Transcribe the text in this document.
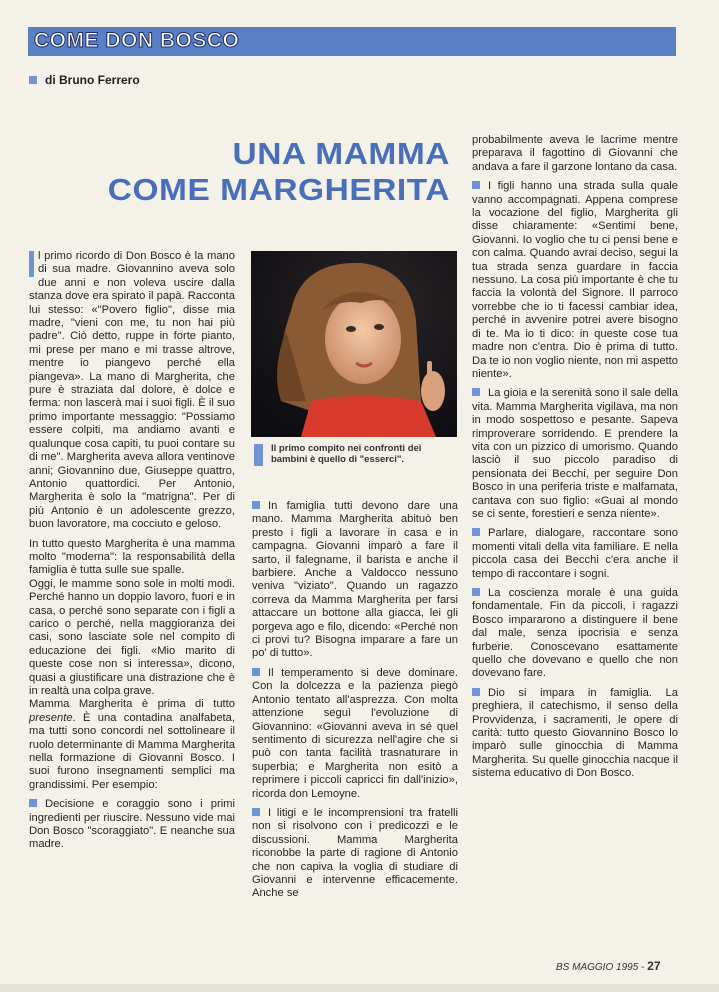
COME DON BOSCO
di Bruno Ferrero
UNA MAMMA
COME MARGHERITA

l primo ricordo di Don Bosco è la mano di sua madre. Giovannino aveva solo due anni e non voleva uscire dalla stanza dove era spirato il papà. Racconta lui stesso: «"Povero figlio", disse mia madre, "vieni con me, tu non hai più padre". Ciò detto, ruppe in forte pianto, mi prese per mano e mi trasse altrove, mentre io piangevo perché ella piangeva». La mano di Margherita, che pure è straziata dal dolore, è dolce e ferma: non lascerà mai i suoi figli. È il suo primo importante messaggio: "Possiamo essere colpiti, ma andiamo avanti e qualunque cosa capiti, tu puoi contare su di me". Margherita aveva allora ventinove anni; Giovannino due, Giuseppe quattro, Antonio quattordici. Per Antonio, Margherita è solo la "matrigna". Per di più Antonio è un adolescente grezzo, buon lavoratore, ma cocciuto e geloso.

In tutto questo Margherita è una mamma molto "moderna": la responsabilità della famiglia è tutta sulle sue spalle.

Oggi, le mamme sono sole in molti modi. Perché hanno un doppio lavoro, fuori e in casa, o perché sono separate con i figli a carico o perché, nella maggioranza dei casi, sono lasciate sole nel compito di educazione dei figli. «Mio marito di queste cose non si interessa», dicono, quasi a giustificare una distrazione che è in realtà una colpa grave.

Mamma Margherita è prima di tutto presente. È una contadina analfabeta, ma tutti sono concordi nel sottolineare il ruolo determinante di Mamma Margherita nella formazione di Giovanni Bosco. I suoi furono insegnamenti semplici ma grandissimi. Per esempio:

Decisione e coraggio sono i primi ingredienti per riuscire. Nessuno vide mai Don Bosco "scoraggiato". E neanche sua madre.

Il primo compito nei confronti dei bambini è quello di "esserci".

In famiglia tutti devono dare una mano. Mamma Margherita abituò ben presto i figli a lavorare in casa e in campagna. Giovanni imparò a fare il sarto, il falegname, il barista e anche il barbiere. Anche a Valdocco nessuno veniva "viziato". Quando un ragazzo correva da Mamma Margherita per farsi attaccare un bottone alla giacca, lei gli porgeva ago e filo, dicendo: «Perché non ci provi tu? Bisogna imparare a fare un po' di tutto».

Il temperamento si deve dominare. Con la dolcezza e la pazienza piegò Antonio tentato all'asprezza. Con molta attenzione seguì l'evoluzione di Giovannino: «Giovanni aveva in sé quel sentimento di sicurezza nell'agire che si può con tanta facilità trasnaturare in superbia; e Margherita non esitò a reprimere i piccoli capricci fin dall'inizio», ricorda don Lemoyne.

I litigi e le incomprensioni tra fratelli non si risolvono con i predicozzi e le discussioni. Mamma Margherita riconobbe la parte di ragione di Antonio che non capiva la voglia di studiare di Giovanni e intervenne efficacemente. Anche se

probabilmente aveva le lacrime mentre preparava il fagottino di Giovanni che andava a fare il garzone lontano da casa.

I figli hanno una strada sulla quale vanno accompagnati. Appena comprese la vocazione del figlio, Margherita gli disse chiaramente: «Sentimi bene, Giovanni. Io voglio che tu ci pensi bene e con calma. Quando avrai deciso, segui la tua strada senza guardare in faccia nessuno. La cosa più importante è che tu faccia la volontà del Signore. Il parroco vorrebbe che io ti facessi cambiar idea, perché in avvenire potrei avere bisogno di te. Ma io ti dico: in queste cose tua madre non c'entra. Dio è prima di tutto. Da te io non voglio niente, non mi aspetto niente».

La gioia e la serenità sono il sale della vita. Mamma Margherita vigilava, ma non in modo sospettoso e pesante. Sapeva rimproverare sorridendo. E prendere la vita con un pizzico di umorismo. Quando lasciò il suo piccolo paradiso di pensionata dei Becchi, per seguire Don Bosco in una periferia triste e malfamata, cantava con suo figlio: «Guai al mondo se ci sente, forestieri e senza niente».

Parlare, dialogare, raccontare sono momenti vitali della vita familiare. E nella piccola casa dei Becchi c'era anche il tempo di raccontare i sogni.

La coscienza morale è una guida fondamentale. Fin da piccoli, i ragazzi Bosco impararono a distinguere il bene dal male, senza ipocrisia e senza furberie. Conoscevano esattamente quello che dovevano e quello che non dovevano fare.

Dio si impara in famiglia. La preghiera, il catechismo, il senso della Provvidenza, i sacramenti, le opere di carità: tutto questo Giovannino Bosco lo imparò sulle ginocchia di Mamma Margherita. Su quelle ginocchia nacque il sistema educativo di Don Bosco.

BS MAGGIO 1995 - 27
